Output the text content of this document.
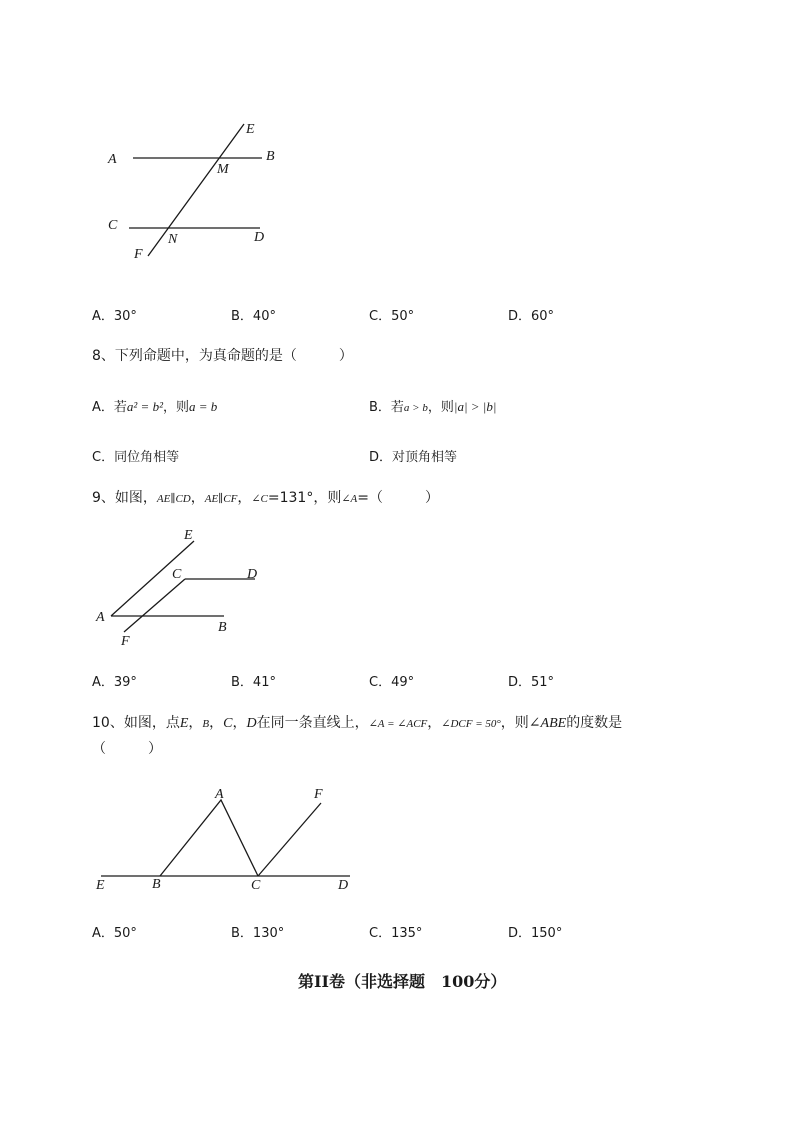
A	B
E
M
C
N	D
F
A．30°	B．40°	C．50°	D．60°
8、下列命题中，为真命题的是（　　　）
A．若a² = b²，则a = b	B．若a > b，则|a| > |b|
C．同位角相等	D．对顶角相等
9、如图，AE∥CD，AE∥CF，∠C=131°，则∠A=（　　　）
E
C	D
A
F
B
A．39°	B．41°	C．49°	D．51°
10、如图，点E，B，C，D在同一条直线上，∠A = ∠ACF，∠DCF = 50°，则∠ABE的度数是
（　　　）
A	F
E	B	C	D
A．50°	B．130°	C．135°	D．150°
第II卷（非选择题　100分）
